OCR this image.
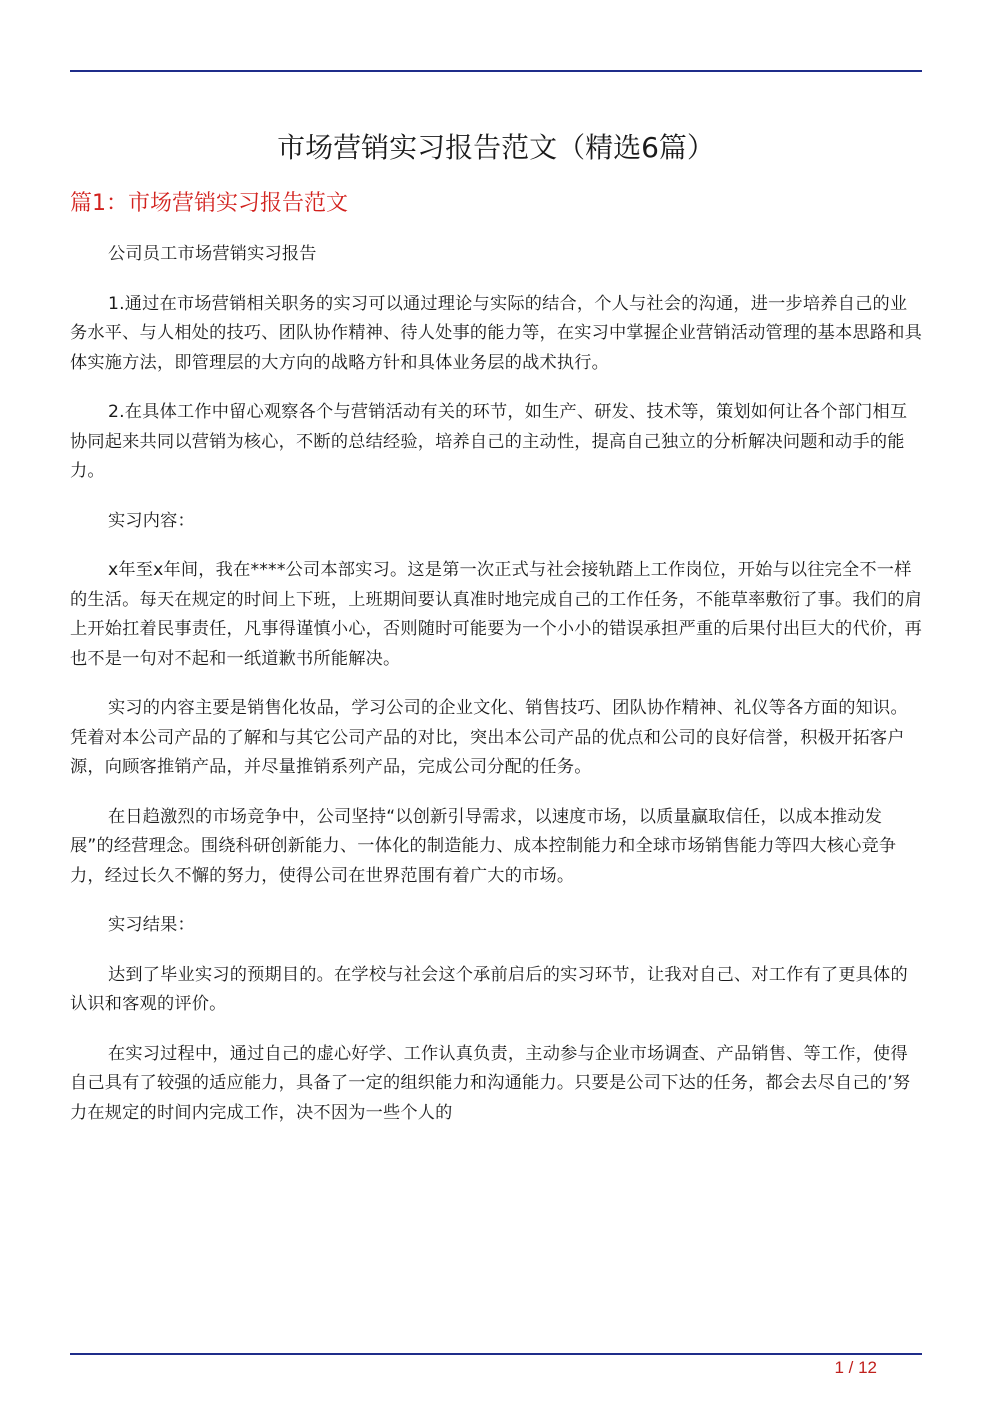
市场营销实习报告范文（精选6篇）
篇1：市场营销实习报告范文

公司员工市场营销实习报告

1.通过在市场营销相关职务的实习可以通过理论与实际的结合，个人与社会的沟通，进一步培养自己的业务水平、与人相处的技巧、团队协作精神、待人处事的能力等，在实习中掌握企业营销活动管理的基本思路和具体实施方法，即管理层的大方向的战略方针和具体业务层的战术执行。

2.在具体工作中留心观察各个与营销活动有关的环节，如生产、研发、技术等，策划如何让各个部门相互协同起来共同以营销为核心，不断的总结经验，培养自己的主动性，提高自己独立的分析解决问题和动手的能力。

实习内容：

x年至x年间，我在****公司本部实习。这是第一次正式与社会接轨踏上工作岗位，开始与以往完全不一样的生活。每天在规定的时间上下班，上班期间要认真准时地完成自己的工作任务，不能草率敷衍了事。我们的肩上开始扛着民事责任，凡事得谨慎小心，否则随时可能要为一个小小的错误承担严重的后果付出巨大的代价，再也不是一句对不起和一纸道歉书所能解决。

实习的内容主要是销售化妆品，学习公司的企业文化、销售技巧、团队协作精神、礼仪等各方面的知识。凭着对本公司产品的了解和与其它公司产品的对比，突出本公司产品的优点和公司的良好信誉，积极开拓客户源，向顾客推销产品，并尽量推销系列产品，完成公司分配的任务。

在日趋激烈的市场竞争中，公司坚持“以创新引导需求，以速度市场，以质量赢取信任，以成本推动发展”的经营理念。围绕科研创新能力、一体化的制造能力、成本控制能力和全球市场销售能力等四大核心竞争力，经过长久不懈的努力，使得公司在世界范围有着广大的市场。

实习结果：

达到了毕业实习的预期目的。在学校与社会这个承前启后的实习环节，让我对自己、对工作有了更具体的认识和客观的评价。

在实习过程中，通过自己的虚心好学、工作认真负责，主动参与企业市场调查、产品销售、等工作，使得自己具有了较强的适应能力，具备了一定的组织能力和沟通能力。只要是公司下达的任务，都会去尽自己的’努力在规定的时间内完成工作，决不因为一些个人的

1 / 12
